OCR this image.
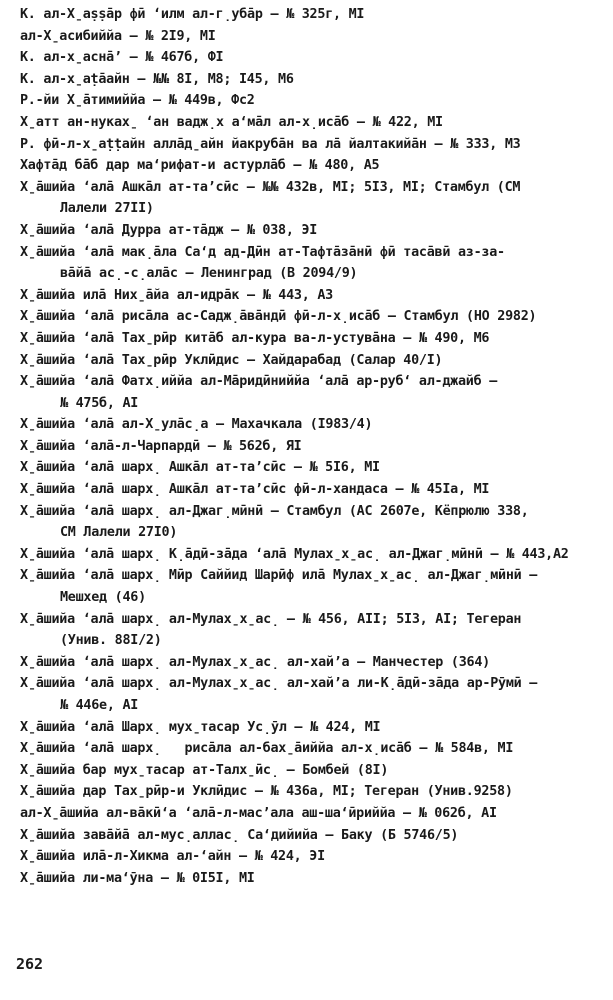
К. ал-Х̱аṣṣа̄р фӣ ʻилм ал-г̣уба̄р – № 325г, MI
ал-Х̱асибиййа – № 2I9, МI
К. ал-х̱асна̄’ – № 467б, ФI
К. ал-х̱аṭа̄айн – №№ 8I, М8; I45, М6
Р.-йи Х̱а̄тимиййа – № 449в, Фс2
Х̱атт ан-нуках̱ ʻан вадж̣х а‘ма̄л ал-х̣иса̄б – № 422, МI
Р. фӣ-л-х̱аṭṭайн алла̄д̱айн йакруба̄н ва ла̄ йалтакийа̄н – № 333, М3
Хафта̄д ба̄б дар ма‘рифат-и астурла̄б – № 480, А5
Х̱а̄шийа ʻала̄ Ашка̄л ат-та’сӣс – №№ 432в, МI; 5I3, МI; Стамбул (СМ
Лалели 27II)
Х̱а̄шийа ʻала̄ Дурра ат-та̄дж – № 038, ЭI
Х̱а̄шийа ʻала̄ мак̣а̄ла Са‘д ад-Дӣн ат-Тафта̄за̄нӣ фӣ таса̄вӣ аз-за-
ва̄йа̄ ас̣-с̣ала̄с – Ленинград (В 2094/9)
Х̱а̄шийа ила̄ Них̱а̄йа ал-идра̄к – № 443, А3
Х̱а̄шийа ʻала̄ риса̄ла ас-Садж̣а̄ва̄ндӣ фӣ-л-х̣иса̄б – Стамбул (НО 2982)
Х̱а̄шийа ʻала̄ Таx̱рӣр кита̄б ал-кура ва-л-устува̄на – № 490, М6
Х̱а̄шийа ʻала̄ Таx̱рӣр Уклӣдис – Хайдарабад (Салар 40/I)
Х̱а̄шийа ʻала̄ Фатх̣иййа ал-Ма̄ридӣниййа ʻала̄ ар-руб‘ ал-джайб –
№ 475б, АI
Х̱а̄шийа ʻала̄ ал-Х̱ула̄с̣а – Махачкала (I983/4)
Х̱а̄шийа ʻала̄-л-Чарпардӣ – № 562б, ЯI
Х̱а̄шийа ʻала̄ шарх̣ Ашка̄л ат-та’сӣс – № 5I6, МI
Х̱а̄шийа ʻала̄ шарх̣ Ашка̄л ат-та’сӣс фӣ-л-хандаса – № 45Iа, МI
Х̱а̄шийа ʻала̄ шарх̣ ал-Джаг̣мӣнӣ – Стамбул (АС 2607е, Кёпрюлю 338,
СМ Лалели 27I0)
Х̱а̄шийа ʻала̄ шарх̣ К̣а̄дӣ-за̄да ʻала̄ Мулах̱х̱ас̣ ал-Джаг̣мӣнӣ – № 443,А2
Х̱а̄шийа ʻала̄ шарх̣ Мӣр Саййид Шарӣф ила̄ Мулах̱х̱ас̣ ал-Джаг̣мӣнӣ –
Мешхед (46)
Х̱а̄шийа ʻала̄ шарх̣ ал-Мулах̱х̱ас̣ – № 456, АII; 5I3, АI; Тегеран
(Унив. 88I/2)
Х̱а̄шийа ʻала̄ шарх̣ ал-Мулах̱х̱ас̣ ал-хай’а – Манчестер (364)
Х̱а̄шийа ʻала̄ шарх̣ ал-Мулах̱х̱ас̣ ал-хай’а ли-К̣а̄дӣ-за̄да ар-Рӯмӣ –
№ 446е, АI
Х̱а̄шийа ʻала̄ Шарх̣ мух̱тасар Ус̣ӯл – № 424, МI
Х̱а̄шийа ʻала̄ шарх̣   риса̄ла ал-бах̱а̄иййа ал-х̣иса̄б – № 584в, МI
Х̱а̄шийа бар мух̱тасар ат-Талх̱ӣс̣ – Бомбей (8I)
Х̱а̄шийа дар Таx̱рӣр-и Уклӣдис – № 436а, МI; Тегеран (Унив.9258)
ал-Х̱а̄шийа ал-ва̄кӣ‘а ʻала̄-л-мас’ала аш-ша‘ӣриййа – № 062б, АI
Х̱а̄шийа зава̄йа̄ ал-мус̣аллас̣ Са‘дийийа – Баку (Б 5746/5)
Х̱а̄шийа ила̄-л-Хикма ал-‘айн – № 424, ЭI
Х̱а̄шийа ли-ма‘ӯна – № 0I5I, МI
262
